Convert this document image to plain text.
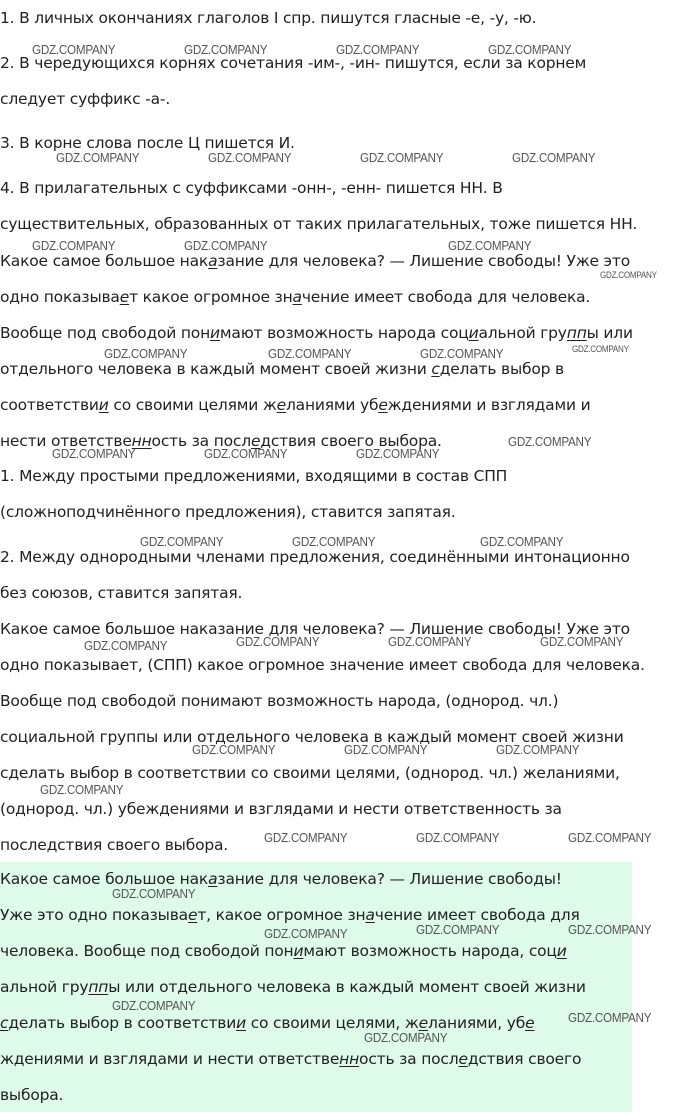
1. В личных окончаниях глаголов I спр. пишутся гласные -е, -у, -ю.
2. В чередующихся корнях сочетания -им-, -ин- пишутся, если за корнем
следует суффикс -а-.
3. В корне слова после Ц пишется И.
4. В прилагательных с суффиксами -онн-, -енн- пишется НН. В
существительных, образованных от таких прилагательных, тоже пишется НН.
Какое самое большое наказание для человека? — Лишение свободы! Уже это
одно показывает какое огромное значение имеет свобода для человека.
Вообще под свободой понимают возможность народа социальной группы или
отдельного человека в каждый момент своей жизни сделать выбор в
соответствии со своими целями желаниями убеждениями и взглядами и
нести ответственность за последствия своего выбора.
1. Между простыми предложениями, входящими в состав СПП
(сложноподчинённого предложения), ставится запятая.
2. Между однородными членами предложения, соединёнными интонационно
без союзов, ставится запятая.
Какое самое большое наказание для человека? — Лишение свободы! Уже это
одно показывает, (СПП) какое огромное значение имеет свобода для человека.
Вообще под свободой понимают возможность народа, (однород. чл.)
социальной группы или отдельного человека в каждый момент своей жизни
сделать выбор в соответствии со своими целями, (однород. чл.) желаниями,
(однород. чл.) убеждениями и взглядами и нести ответственность за
последствия своего выбора.
Какое самое большое наказание для человека? — Лишение свободы!
Уже это одно показывает, какое огромное значение имеет свобода для
человека. Вообще под свободой понимают возможность народа, соци
альной группы или отдельного человека в каждый момент своей жизни
сделать выбор в соответствии со своими целями, желаниями, убе
ждениями и взглядами и нести ответственность за последствия своего
выбора.
GDZ.COMPANY	GDZ.COMPANY	GDZ.COMPANY	GDZ.COMPANY
GDZ.COMPANY	GDZ.COMPANY	GDZ.COMPANY	GDZ.COMPANY
GDZ.COMPANY	GDZ.COMPANY	GDZ.COMPANY
GDZ.COMPANY
GDZ.COMPANY	GDZ.COMPANY	GDZ.COMPANY	GDZ.COMPANY
GDZ.COMPANY
GDZ.COMPANY	GDZ.COMPANY	GDZ.COMPANY
GDZ.COMPANY	GDZ.COMPANY	GDZ.COMPANY
GDZ.COMPANY	GDZ.COMPANY	GDZ.COMPANY	GDZ.COMPANY
GDZ.COMPANY	GDZ.COMPANY	GDZ.COMPANY
GDZ.COMPANY
GDZ.COMPANY	GDZ.COMPANY	GDZ.COMPANY
GDZ.COMPANY
GDZ.COMPANY	GDZ.COMPANY	GDZ.COMPANY
GDZ.COMPANY
GDZ.COMPANY
GDZ.COMPANY
